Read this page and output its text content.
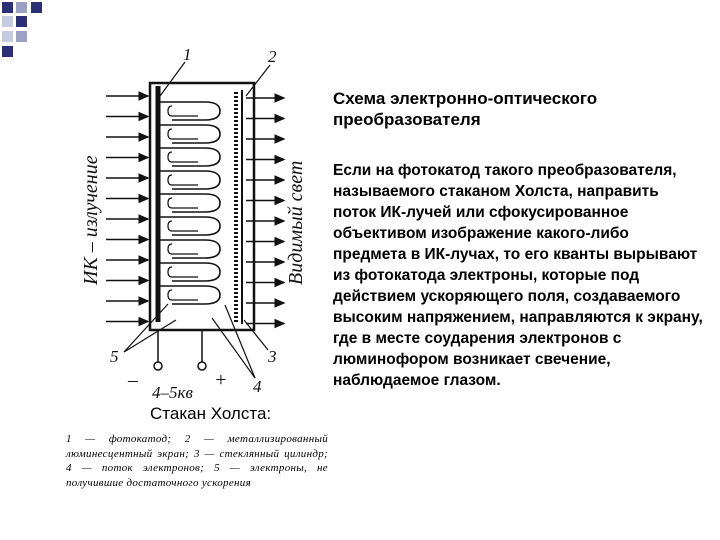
1	2
3
4
5
–	+
4–5кв
ИК – излучение	Видимый свет
Схема электронно-оптического преобразователя
Если на фотокатод такого преобразователя, называемого стаканом Холста, направить поток ИК-лучей или сфокусированное объективом изображение какого-либо предмета в ИК-лучах, то его кванты вырывают из фотокатода электроны, которые под действием ускоряющего поля, создаваемого высоким напряжением, направляются к экрану, где в месте соударения электронов с люминофором возникает свечение, наблюдаемое глазом.
Стакан Холста:
1 — фотокатод; 2 — металлизированный люминесцентный экран; 3 — стеклянный цилиндр; 4 — поток электронов; 5 — электроны, не получившие достаточного ускорения
